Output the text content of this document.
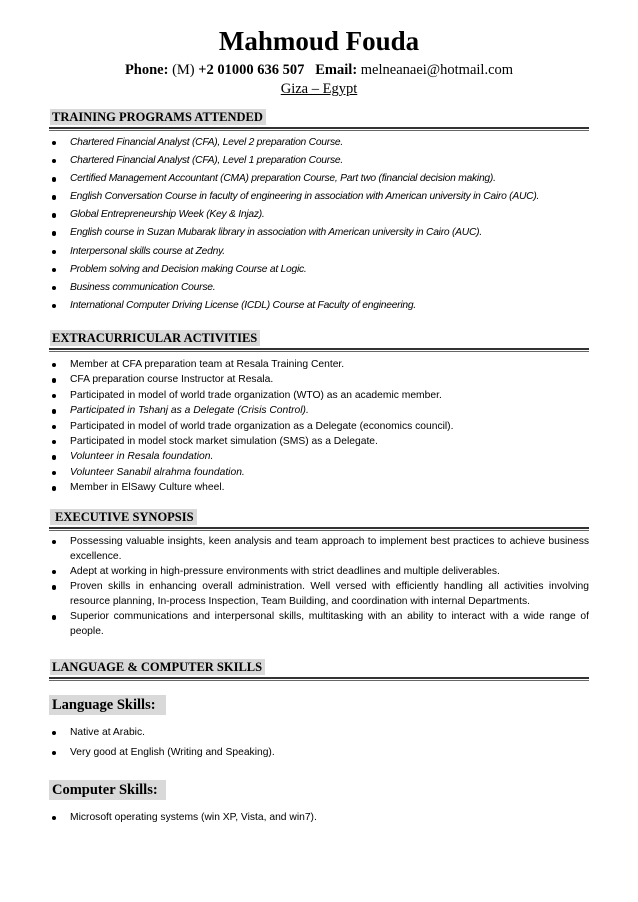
Mahmoud Fouda
Phone: (M) +2 01000 636 507 Email: melneanaei@hotmail.com
Giza – Egypt
TRAINING PROGRAMS ATTENDED
Chartered Financial Analyst (CFA), Level 2 preparation Course.
Chartered Financial Analyst (CFA), Level 1 preparation Course.
Certified Management Accountant (CMA) preparation Course, Part two (financial decision making).
English Conversation Course in faculty of engineering in association with American university in Cairo (AUC).
Global Entrepreneurship Week (Key & Injaz).
English course in Suzan Mubarak library in association with American university in Cairo (AUC).
Interpersonal skills course at Zedny.
Problem solving and Decision making Course at Logic.
Business communication Course.
International Computer Driving License (ICDL) Course at Faculty of engineering.
EXTRACURRICULAR ACTIVITIES
Member at CFA preparation team at Resala Training Center.
CFA preparation course Instructor at Resala.
Participated in model of world trade organization (WTO) as an academic member.
Participated in Tshanj as a Delegate (Crisis Control).
Participated in model of world trade organization as a Delegate (economics council).
Participated in model stock market simulation (SMS) as a Delegate.
Volunteer in Resala foundation.
Volunteer Sanabil alrahma foundation.
Member in ElSawy Culture wheel.
EXECUTIVE SYNOPSIS
Possessing valuable insights, keen analysis and team approach to implement best practices to achieve business excellence.
Adept at working in high-pressure environments with strict deadlines and multiple deliverables.
Proven skills in enhancing overall administration. Well versed with efficiently handling all activities involving resource planning, In-process Inspection, Team Building, and coordination with internal Departments.
Superior communications and interpersonal skills, multitasking with an ability to interact with a wide range of people.
LANGUAGE & COMPUTER SKILLS
Language Skills:
Native at Arabic.
Very good at English (Writing and Speaking).
Computer Skills:
Microsoft operating systems (win XP, Vista, and win7).
